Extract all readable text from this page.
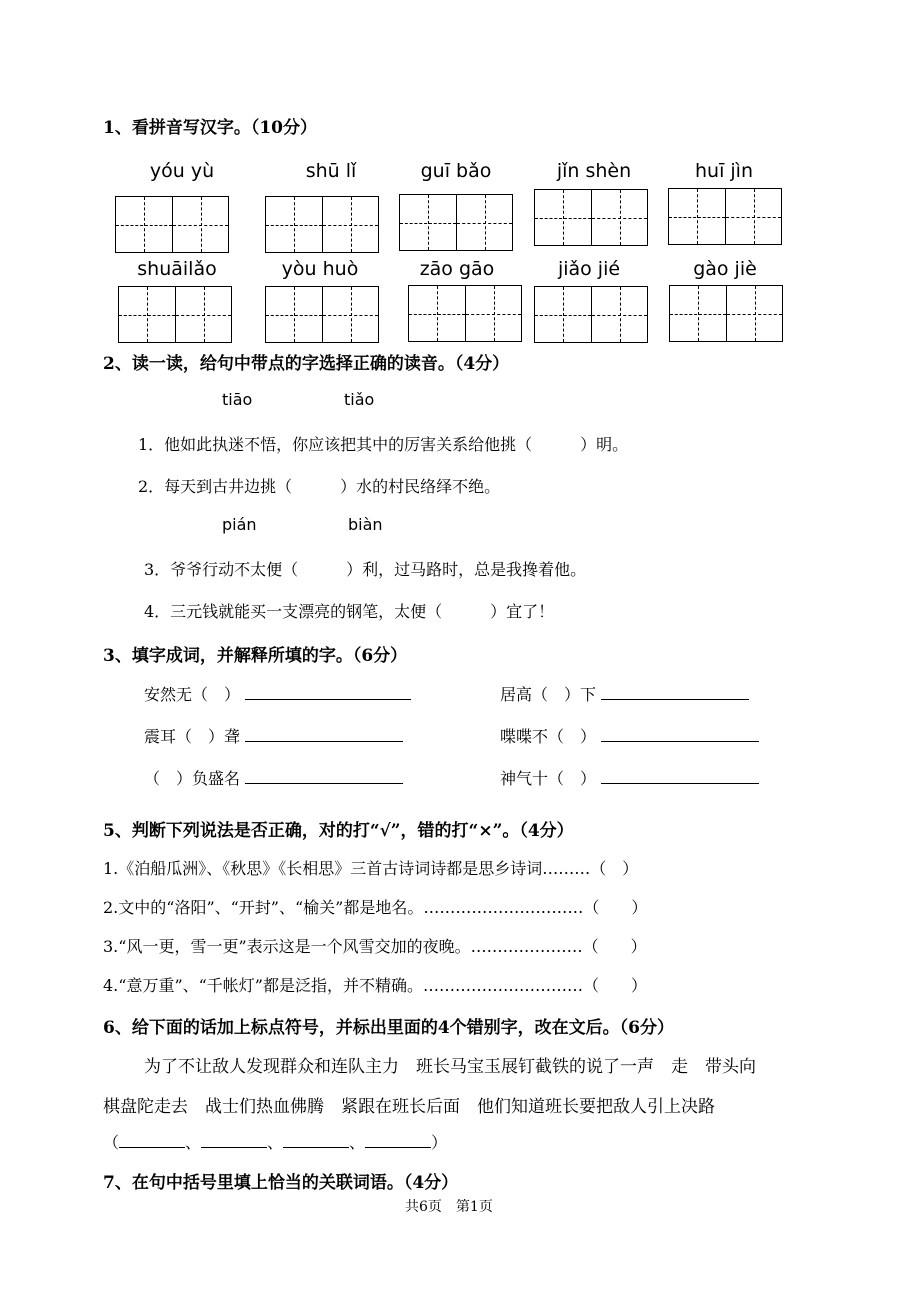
1、看拼音写汉字。（10分）
yóu yù	shū lǐ	guī bǎo	jǐn shèn	huī jìn
shuāilǎo	yòu huò	zāo gāo	jiǎo jié	gào jiè
2、读一读，给句中带点的字选择正确的读音。（4分）
tiāo	tiǎo
1．他如此执迷不悟，你应该把其中的厉害关系给他挑（　　　）明。
2．每天到古井边挑（　　　）水的村民络绎不绝。
pián	biàn
3．爷爷行动不太便（　　　）利，过马路时，总是我搀着他。
4．三元钱就能买一支漂亮的钢笔，太便（　　　）宜了！
3、填字成词，并解释所填的字。（6分）
安然无（　）	居高（　）下
震耳（　）聋	喋喋不（　）
（　）负盛名	神气十（　）
5、判断下列说法是否正确，对的打“√”，错的打“×”。（4分）
1.《泊船瓜洲》、《秋思》《长相思》三首古诗词诗都是思乡诗词………（　）
2.文中的“洛阳”、“开封”、“榆关”都是地名。…………………………（　　）
3.“风一更，雪一更”表示这是一个风雪交加的夜晚。…………………（　　）
4.“意万重”、“千帐灯”都是泛指，并不精确。…………………………（　　）
6、给下面的话加上标点符号，并标出里面的4个错别字，改在文后。（6分）
为了不让敌人发现群众和连队主力　班长马宝玉展钉截铁的说了一声　走　带头向
棋盘陀走去　战士们热血佛腾　紧跟在班长后面　他们知道班长要把敌人引上决路
（	、	、	、	）
7、在句中括号里填上恰当的关联词语。（4分）
共6页　第1页
